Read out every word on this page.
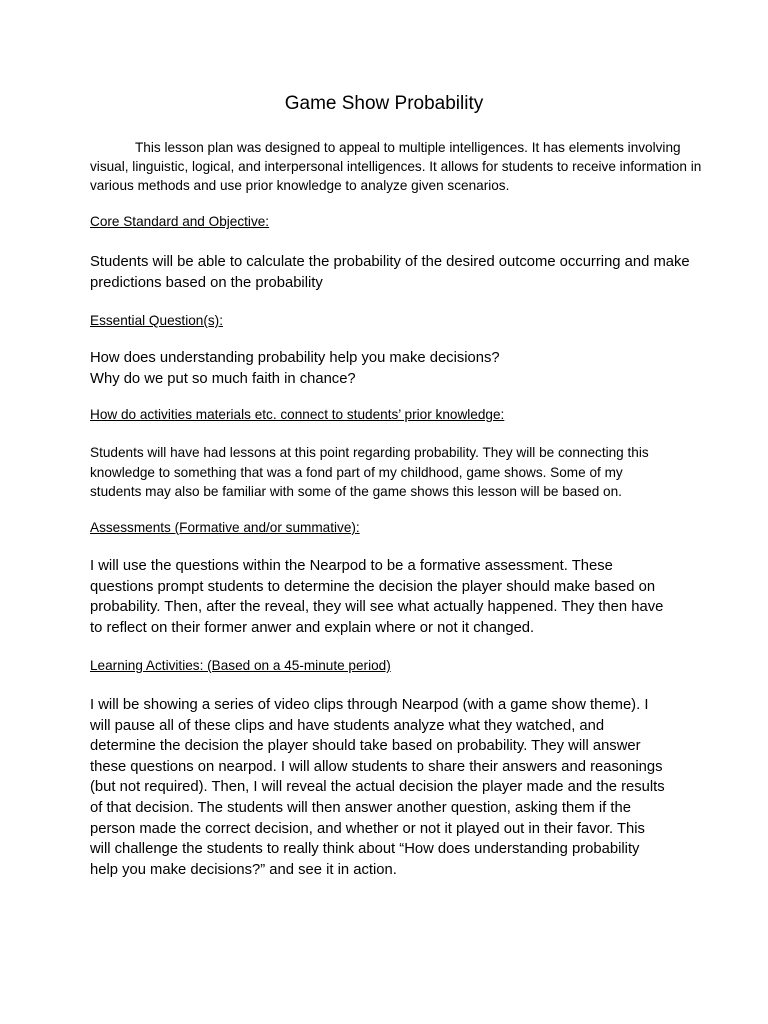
Game Show Probability

This lesson plan was designed to appeal to multiple intelligences. It has elements involving visual, linguistic, logical, and interpersonal intelligences. It allows for students to receive information in various methods and use prior knowledge to analyze given scenarios.

Core Standard and Objective:
Students will be able to calculate the probability of the desired outcome occurring and make
predictions based on the probability
Essential Question(s):
How does understanding probability help you make decisions?
Why do we put so much faith in chance?
How do activities materials etc. connect to students’ prior knowledge:
Students will have had lessons at this point regarding probability. They will be connecting this
knowledge to something that was a fond part of my childhood, game shows. Some of my
students may also be familiar with some of the game shows this lesson will be based on.
Assessments (Formative and/or summative):
I will use the questions within the Nearpod to be a formative assessment. These
questions prompt students to determine the decision the player should make based on
probability. Then, after the reveal, they will see what actually happened. They then have
to reflect on their former anwer and explain where or not it changed.
Learning Activities: (Based on a 45-minute period)
I will be showing a series of video clips through Nearpod (with a game show theme). I
will pause all of these clips and have students analyze what they watched, and
determine the decision the player should take based on probability. They will answer
these questions on nearpod. I will allow students to share their answers and reasonings
(but not required). Then, I will reveal the actual decision the player made and the results
of that decision. The students will then answer another question, asking them if the
person made the correct decision, and whether or not it played out in their favor. This
will challenge the students to really think about “How does understanding probability
help you make decisions?” and see it in action.
